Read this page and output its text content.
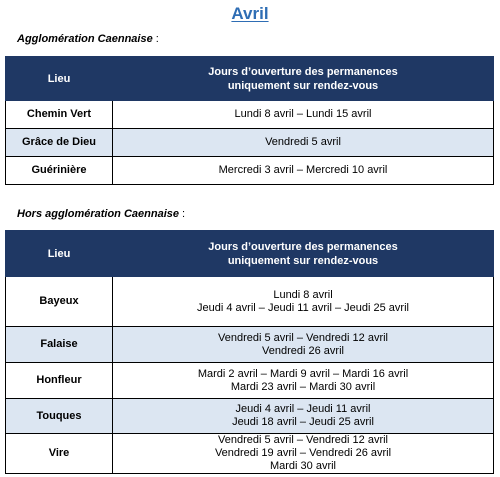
Avril
Agglomération Caennaise :
Lieu	Jours d’ouverture des permanences
uniquement sur rendez-vous

Chemin Vert	Lundi 8 avril – Lundi 15 avril

Grâce de Dieu	Vendredi 5 avril

Guérinière	Mercredi 3 avril – Mercredi 10 avril
Hors agglomération Caennaise :
Lieu	Jours d’ouverture des permanences
uniquement sur rendez-vous

Bayeux	Lundi 8 avril
Jeudi 4 avril – Jeudi 11 avril – Jeudi 25 avril

Falaise	Vendredi 5 avril – Vendredi 12 avril
Vendredi 26 avril

Honfleur	Mardi 2 avril – Mardi 9 avril – Mardi 16 avril
Mardi 23 avril – Mardi 30 avril

Touques	Jeudi 4 avril – Jeudi 11 avril
Jeudi 18 avril – Jeudi 25 avril

Vire	Vendredi 5 avril – Vendredi 12 avril
Vendredi 19 avril – Vendredi 26 avril
Mardi 30 avril
